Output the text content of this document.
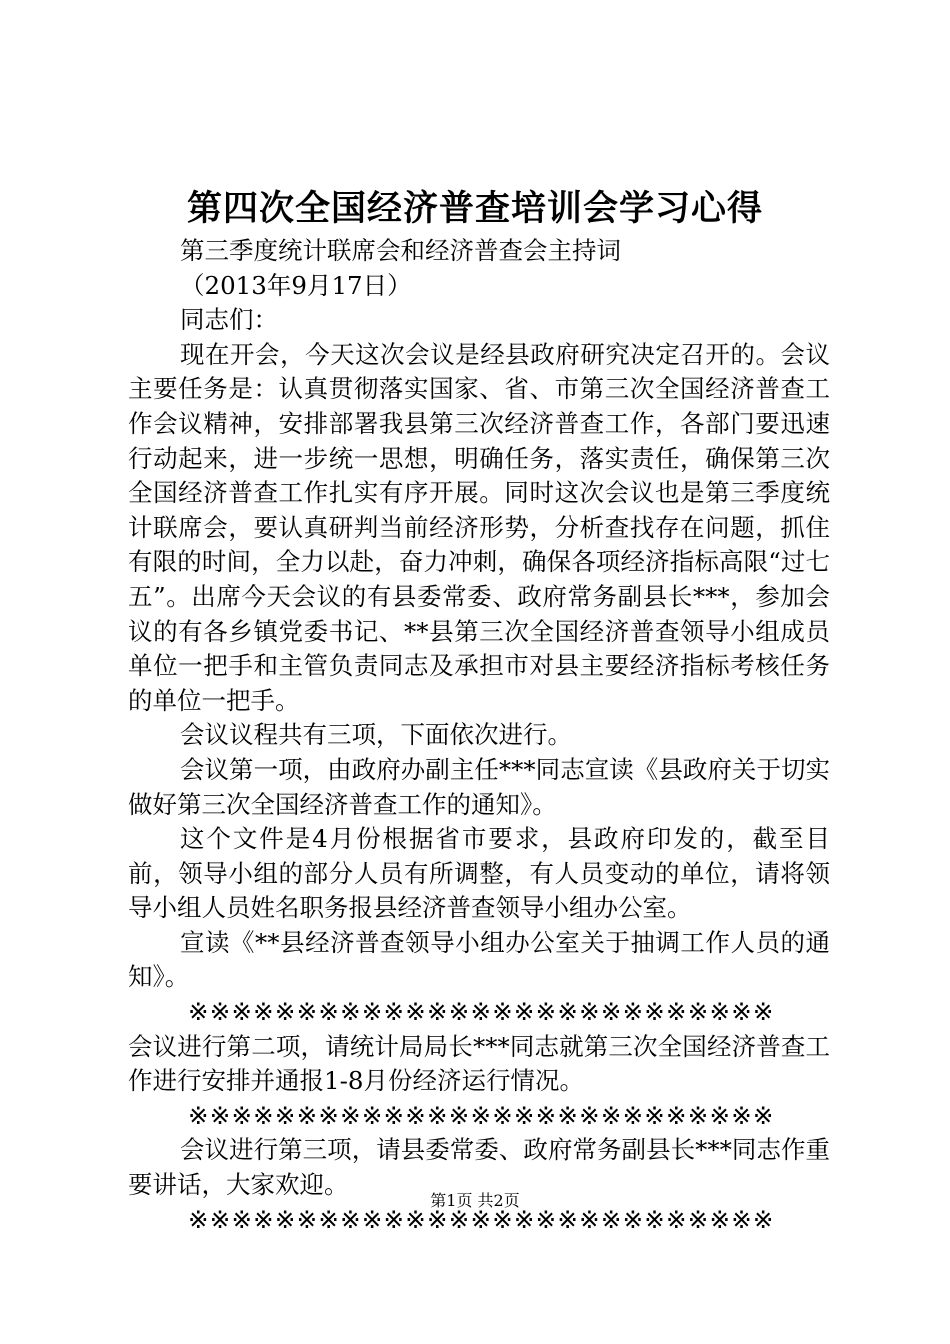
第四次全国经济普查培训会学习心得

第三季度统计联席会和经济普查会主持词

（2013年9月17日）

同志们：

现在开会，今天这次会议是经县政府研究决定召开的。会议主要任务是：认真贯彻落实国家、省、市第三次全国经济普查工作会议精神，安排部署我县第三次经济普查工作，各部门要迅速行动起来，进一步统一思想，明确任务，落实责任，确保第三次全国经济普查工作扎实有序开展。同时这次会议也是第三季度统计联席会，要认真研判当前经济形势，分析查找存在问题，抓住有限的时间，全力以赴，奋力冲刺，确保各项经济指标高限“过七五”。出席今天会议的有县委常委、政府常务副县长***，参加会议的有各乡镇党委书记、**县第三次全国经济普查领导小组成员单位一把手和主管负责同志及承担市对县主要经济指标考核任务的单位一把手。

会议议程共有三项，下面依次进行。

会议第一项，由政府办副主任***同志宣读《县政府关于切实做好第三次全国经济普查工作的通知》。

这个文件是4月份根据省市要求，县政府印发的，截至目前，领导小组的部分人员有所调整，有人员变动的单位，请将领导小组人员姓名职务报县经济普查领导小组办公室。

宣读《**县经济普查领导小组办公室关于抽调工作人员的通知》。

※※※※※※※※※※※※※※※※※※※※※※※※※※※

会议进行第二项，请统计局局长***同志就第三次全国经济普查工作进行安排并通报1-8月份经济运行情况。

※※※※※※※※※※※※※※※※※※※※※※※※※※※

会议进行第三项，请县委常委、政府常务副县长***同志作重要讲话，大家欢迎。

※※※※※※※※※※※※※※※※※※※※※※※※※※※

第1页 共2页
